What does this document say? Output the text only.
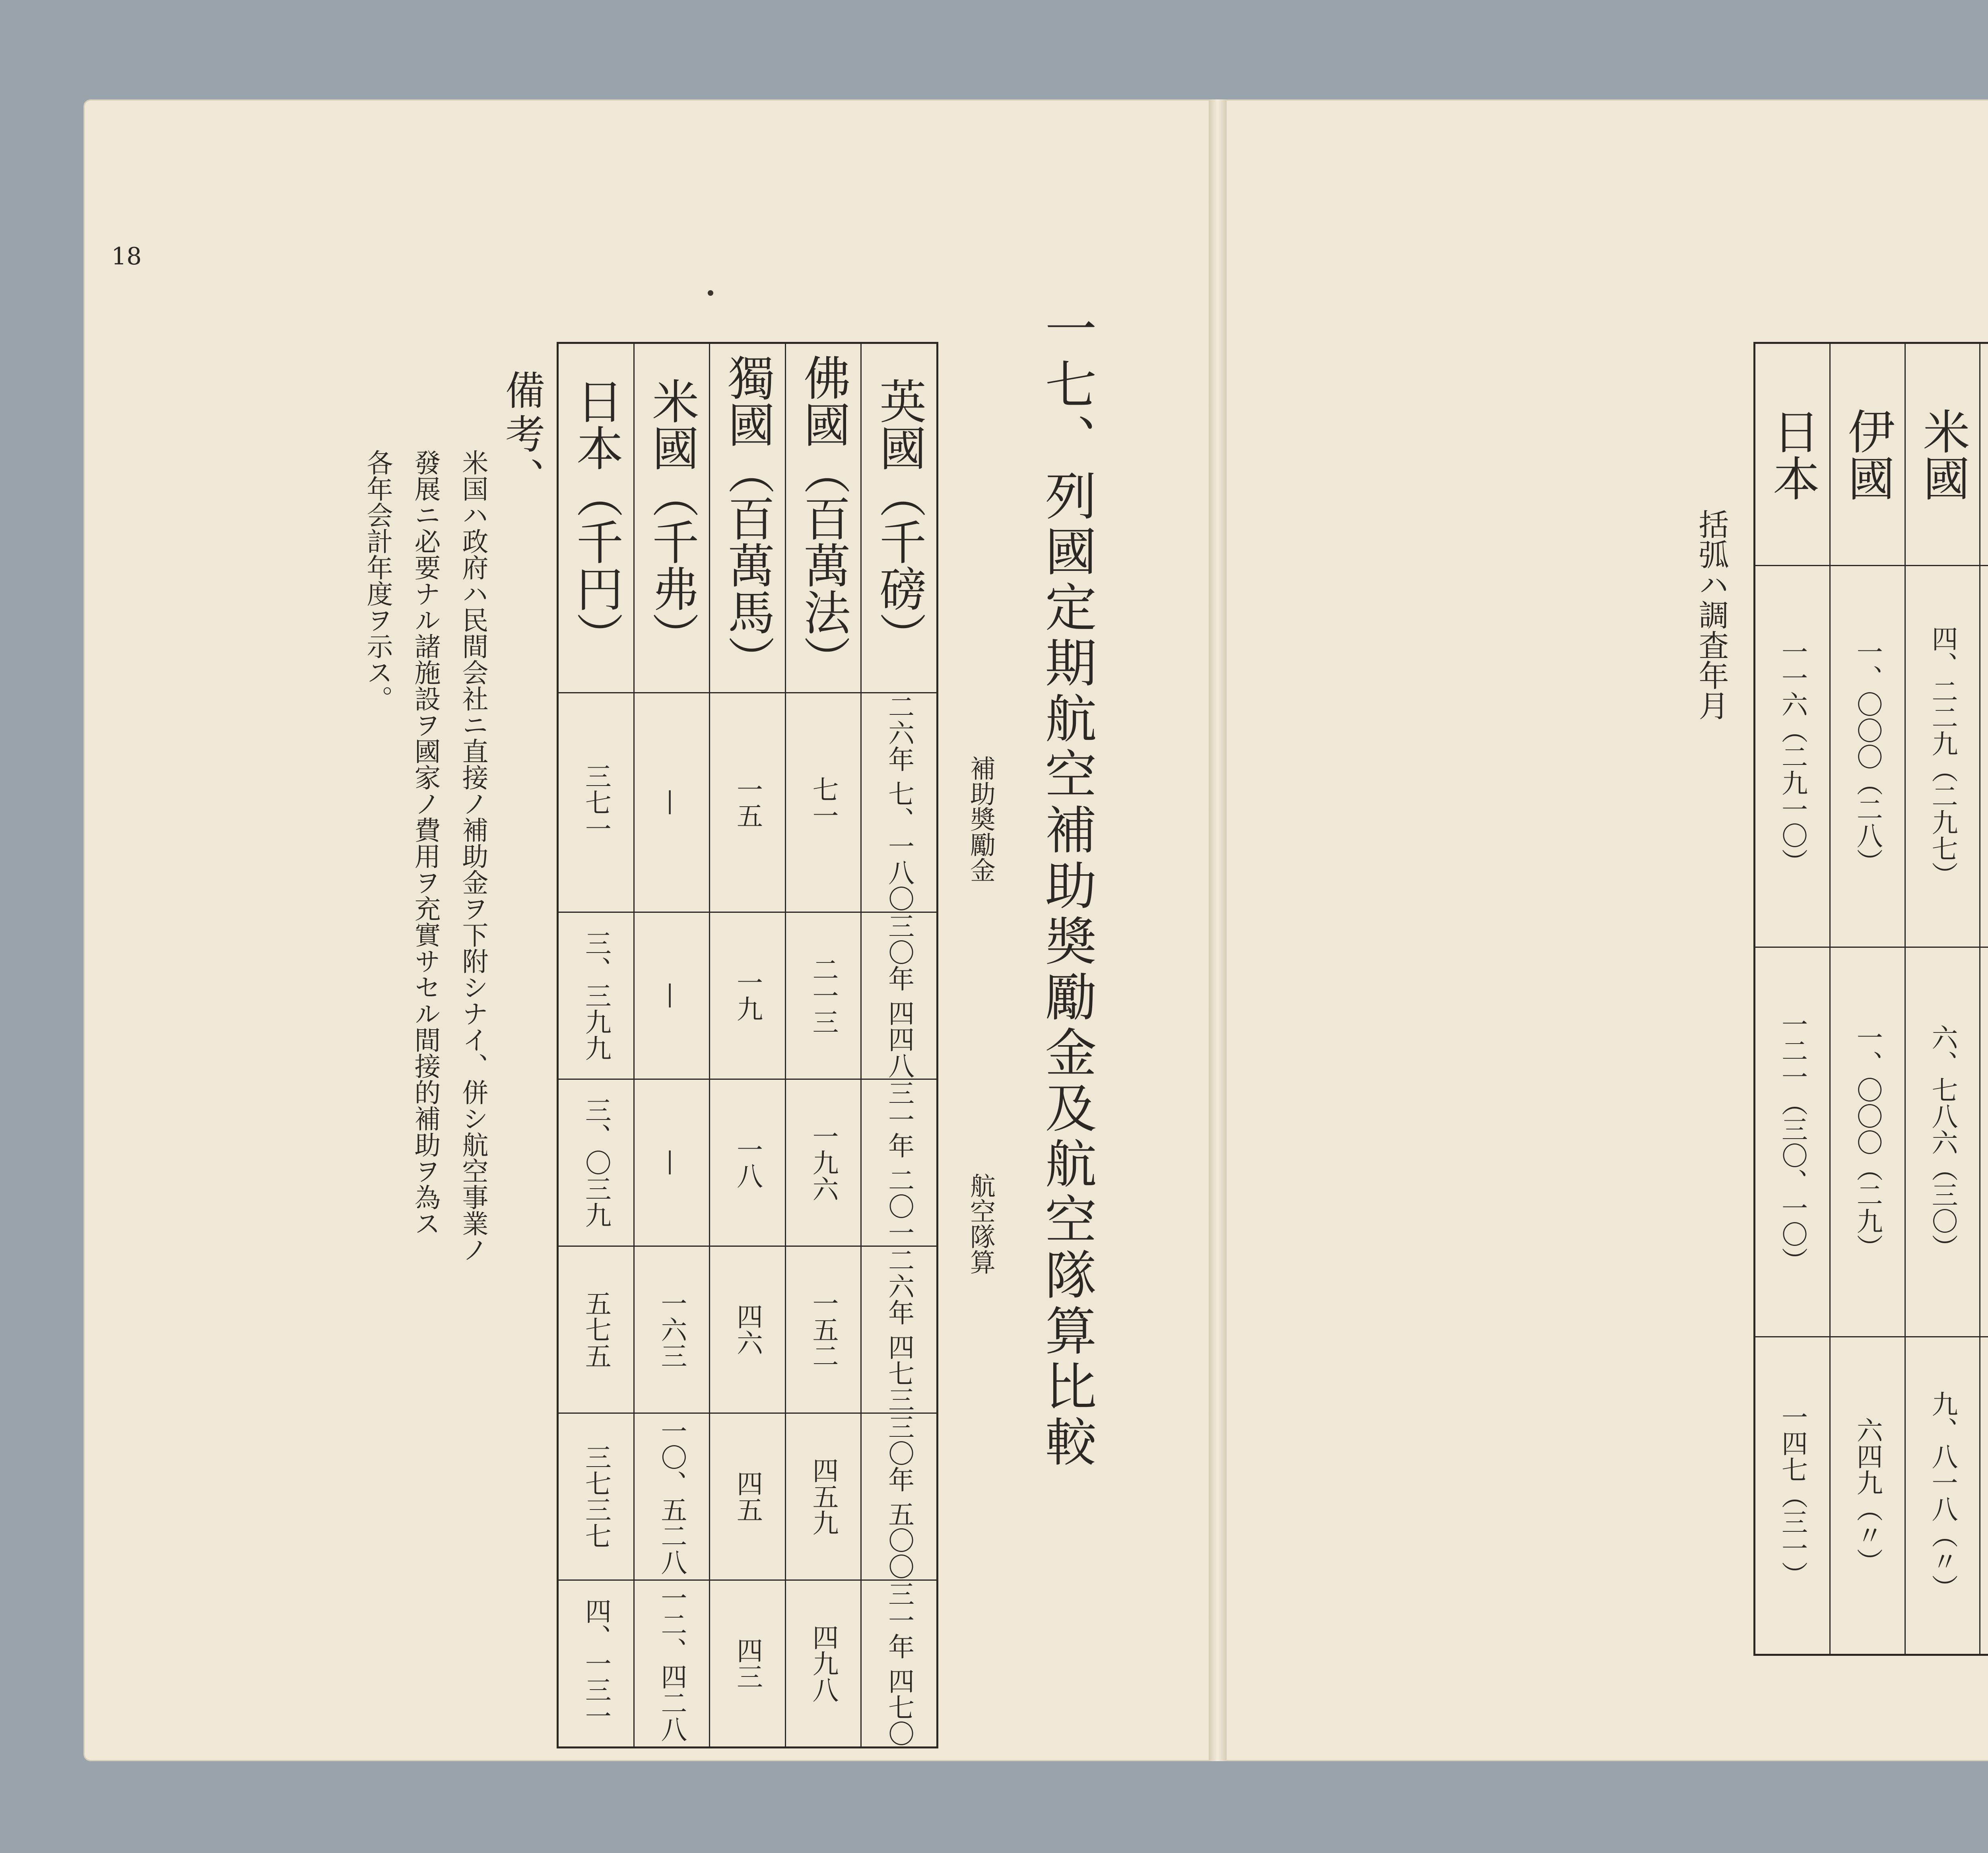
18
一七、列國定期航空補助奬勵金及航空隊算比較
日本（千円）	米國（千弗）	獨國（百萬馬）	佛國（百萬法）	英國（千磅）

三七一	—	一五	七一	二六年 七、一八〇

三、三九九	—	一九	二一三	三〇年 四四八

三、〇三九	—	一八	一九六	三一年 二〇一

五七五	一六三	四六	一五二	二六年 四七三

三七三七	一〇、五二八	四五	四五九	三〇年 五〇〇

四、一三一	一二、四二八	四三	四九八	三一年 四七〇
補助奬勵金
航空隊算
備考、
米国ハ政府ハ民間会社ニ直接ノ補助金ヲ下附シナイ、併シ航空事業ノ
發展ニ必要ナル諸施設ヲ國家ノ費用ヲ充實サセル間接的補助ヲ為ス
各年会計年度ヲ示ス。	括弧ハ調査年月
日本	伊國	米國

一一六（二九一〇）	一、〇〇〇（二八）	四、二二九（二九七）

一二一（三〇、一〇）	一、〇〇〇（二九）	六、七八六（三〇）

一四七（三一）	六四九（〃）	九、八一八（〃）
